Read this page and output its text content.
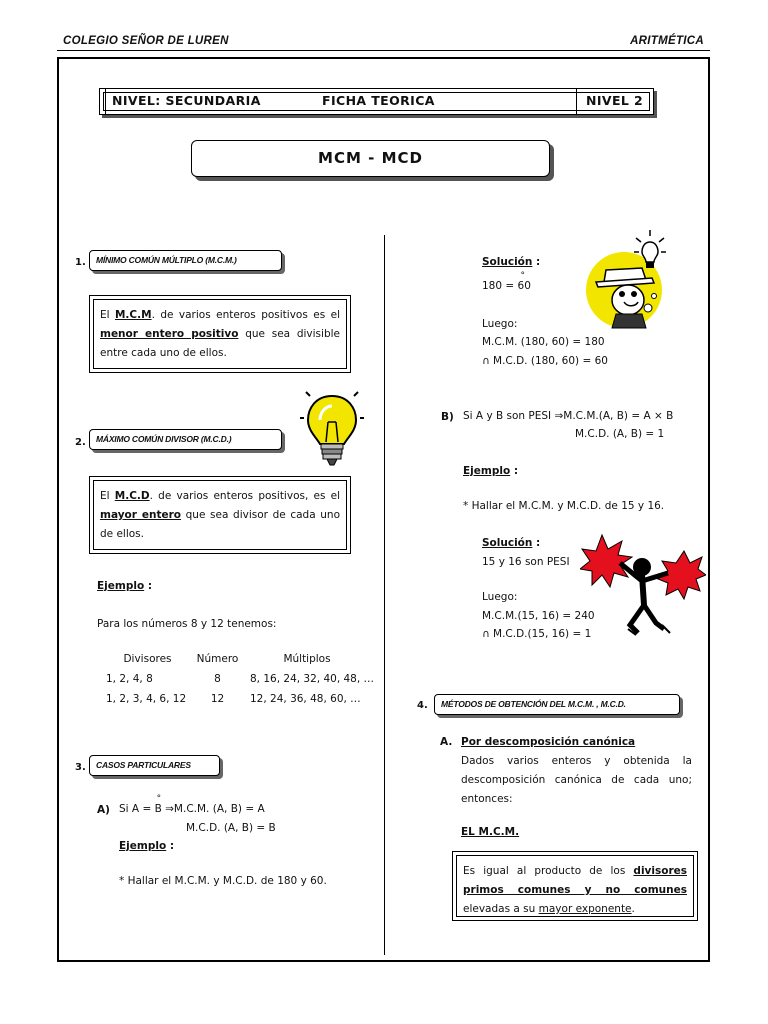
COLEGIO SEÑOR DE LUREN	ARITMÉTICA
NIVEL: SECUNDARIA	FICHA TEORICA	NIVEL 2
MCM - MCD
1. MÍNIMO COMÚN MÚLTIPLO (M.C.M.)
El M.C.M. de varios enteros positivos es el menor entero positivo que sea divisible entre cada uno de ellos.
2. MÁXIMO COMÚN DIVISOR (M.C.D.)
El M.C.D. de varios enteros positivos, es el mayor entero que sea divisor de cada uno de ellos.
Ejemplo :
Para los números 8 y 12 tenemos:
Divisores	Número	Múltiplos
1, 2, 4, 8	8	8, 16, 24, 32, 40, 48, …
1, 2, 3, 4, 6, 12	12	12, 24, 36, 48, 60, …
3. CASOS PARTICULARES
A) Si A = B
°
⇒M.C.M. (A, B) = A
M.C.D. (A, B) = B
Ejemplo :
* Hallar el M.C.M. y M.C.D. de 180 y 60.
Solución :
180 = 60
°
Luego:
M.C.M. (180, 60) = 180
∩ M.C.D. (180, 60) = 60
B) Si A y B son PESI ⇒M.C.M.(A, B) = A × B
M.C.D. (A, B) = 1
Ejemplo :
* Hallar el M.C.M. y M.C.D. de 15 y 16.
Solución :
15 y 16 son PESI
Luego:
M.C.M.(15, 16) = 240
∩ M.C.D.(15, 16) = 1
4. MÉTODOS DE OBTENCIÓN DEL M.C.M. , M.C.D.
A. Por descomposición canónica
Dados varios enteros y obtenida la descomposición canónica de cada uno; entonces:
EL M.C.M.
Es igual al producto de los divisores primos comunes y no comunes elevadas a su mayor exponente.
